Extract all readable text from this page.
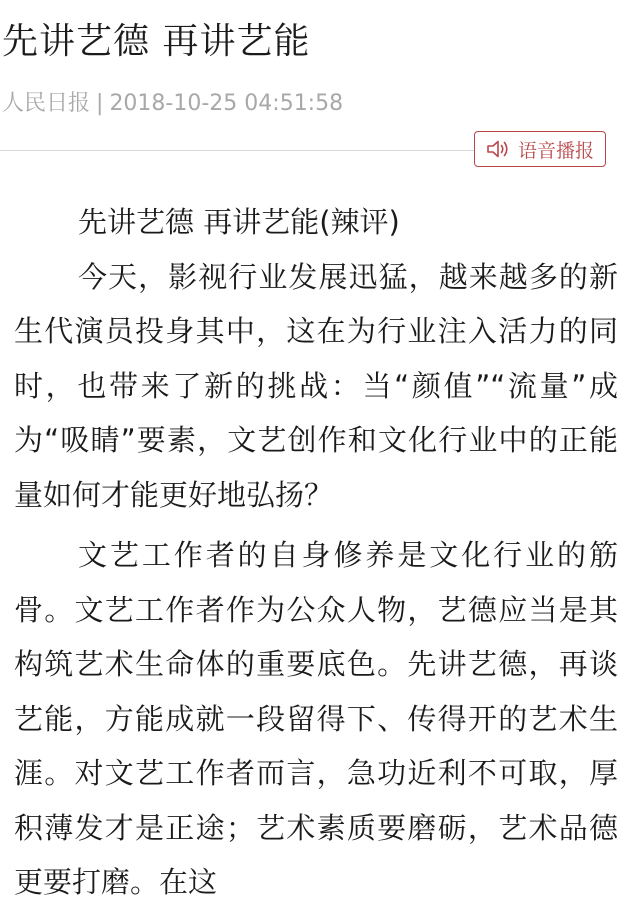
先讲艺德 再讲艺能
人民日报 | 2018-10-25 04:51:58
语音播报

先讲艺德 再讲艺能(辣评)

今天，影视行业发展迅猛，越来越多的新生代演员投身其中，这在为行业注入活力的同时，也带来了新的挑战：当“颜值”“流量”成为“吸睛”要素，文艺创作和文化行业中的正能量如何才能更好地弘扬？

文艺工作者的自身修养是文化行业的筋骨。文艺工作者作为公众人物，艺德应当是其构筑艺术生命体的重要底色。先讲艺德，再谈艺能，方能成就一段留得下、传得开的艺术生涯。对文艺工作者而言，急功近利不可取，厚积薄发才是正途；艺术素质要磨砺，艺术品德更要打磨。在这
